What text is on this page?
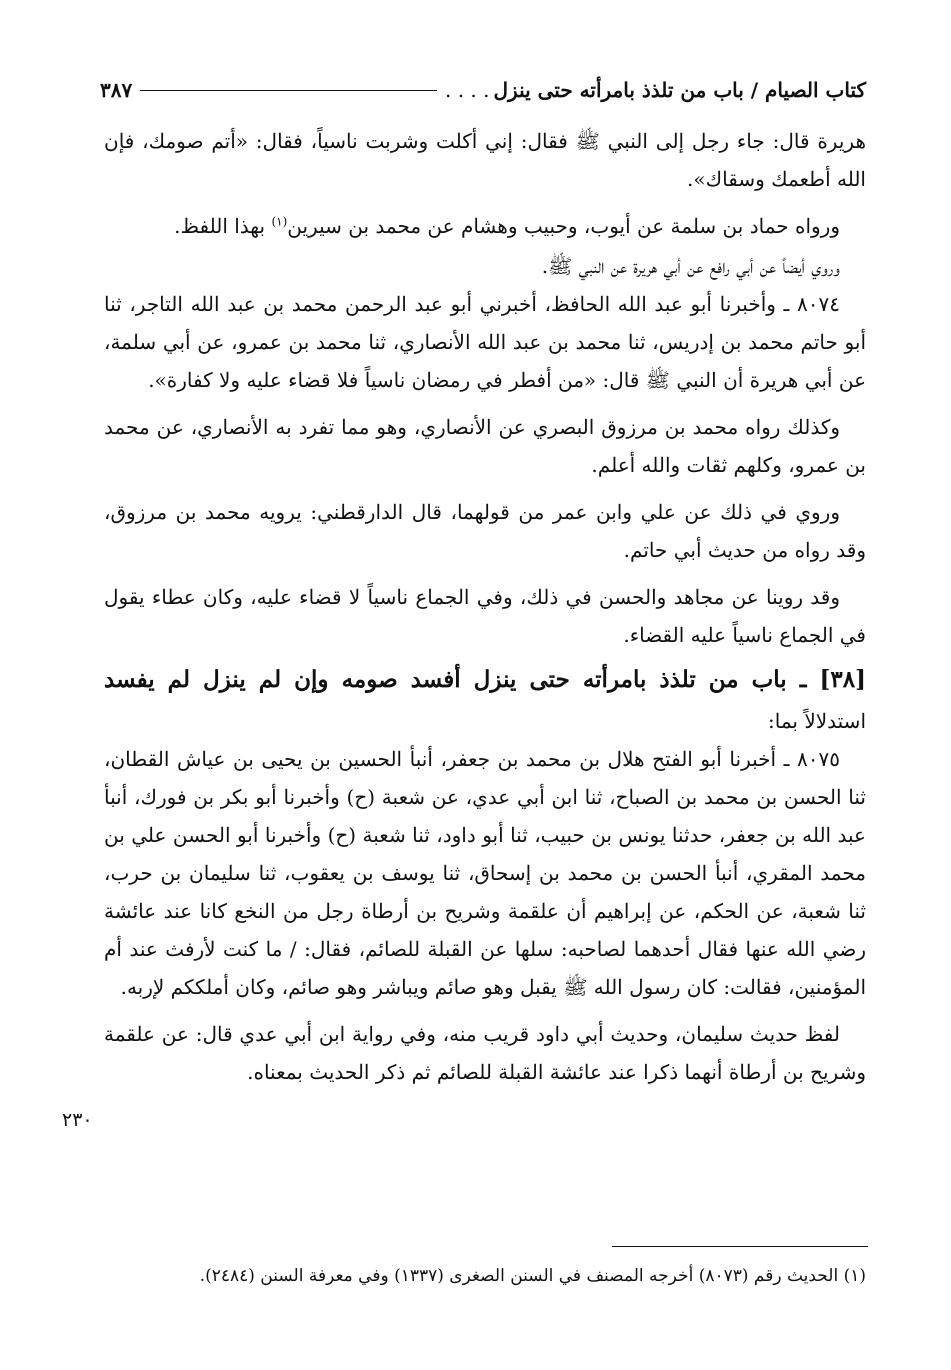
كتاب الصيام / باب من تلذذ بامرأته حتى ينزل
. . . .
٣٨٧

هريرة قال: جاء رجل إلى النبي ﷺ فقال: إني أكلت وشربت ناسياً، فقال: «أتم صومك، فإن الله أطعمك وسقاك».

ورواه حماد بن سلمة عن أيوب، وحبيب وهشام عن محمد بن سيرين$^{(١)}$ بهذا اللفظ.

وروي أيضاً عن أبي رافع عن أبي هريرة عن النبي ﷺ.

٨٠٧٤ ـ وأخبرنا أبو عبد الله الحافظ، أخبرني أبو عبد الرحمن محمد بن عبد الله التاجر، ثنا أبو حاتم محمد بن إدريس، ثنا محمد بن عبد الله الأنصاري، ثنا محمد بن عمرو، عن أبي سلمة، عن أبي هريرة أن النبي ﷺ قال: «من أفطر في رمضان ناسياً فلا قضاء عليه ولا كفارة».

وكذلك رواه محمد بن مرزوق البصري عن الأنصاري، وهو مما تفرد به الأنصاري، عن محمد بن عمرو، وكلهم ثقات والله أعلم.

وروي في ذلك عن علي وابن عمر من قولهما، قال الدارقطني: يرويه محمد بن مرزوق، وقد رواه من حديث أبي حاتم.

وقد روينا عن مجاهد والحسن في ذلك، وفي الجماع ناسياً لا قضاء عليه، وكان عطاء يقول في الجماع ناسياً عليه القضاء.

[٣٨] ـ باب من تلذذ بامرأته حتى ينزل أفسد صومه وإن لم ينزل لم يفسد

استدلالاً بما:

٨٠٧٥ ـ أخبرنا أبو الفتح هلال بن محمد بن جعفر، أنبأ الحسين بن يحيى بن عياش القطان، ثنا الحسن بن محمد بن الصباح، ثنا ابن أبي عدي، عن شعبة (ح) وأخبرنا أبو بكر بن فورك، أنبأ عبد الله بن جعفر، حدثنا يونس بن حبيب، ثنا أبو داود، ثنا شعبة (ح) وأخبرنا أبو الحسن علي بن محمد المقري، أنبأ الحسن بن محمد بن إسحاق، ثنا يوسف بن يعقوب، ثنا سليمان بن حرب، ثنا شعبة، عن الحكم، عن إبراهيم أن علقمة وشريح بن أرطاة رجل من النخع كانا عند عائشة رضي الله عنها فقال أحدهما لصاحبه: سلها عن القبلة للصائم، فقال: / ما كنت لأرفث عند أم المؤمنين، فقالت: كان رسول الله ﷺ يقبل وهو صائم ويباشر وهو صائم، وكان أملككم لإربه.

لفظ حديث سليمان، وحديث أبي داود قريب منه، وفي رواية ابن أبي عدي قال: عن علقمة وشريح بن أرطاة أنهما ذكرا عند عائشة القبلة للصائم ثم ذكر الحديث بمعناه.

٢٣٠
(١) الحديث رقم (٨٠٧٣) أخرجه المصنف في السنن الصغرى (١٣٣٧) وفي معرفة السنن (٢٤٨٤).
